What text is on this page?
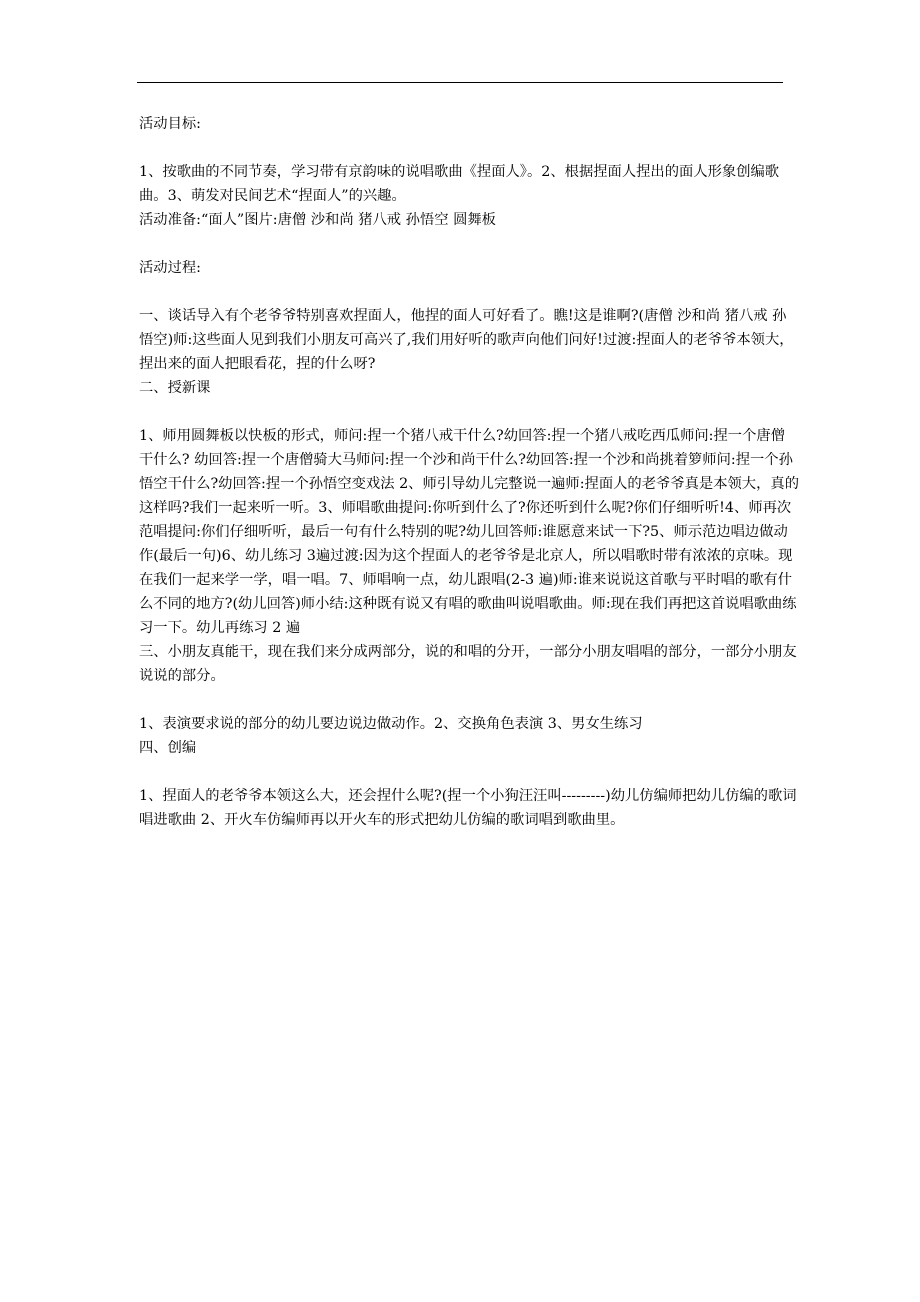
活动目标:

1、按歌曲的不同节奏，学习带有京韵味的说唱歌曲《捏面人》。2、根据捏面人捏出的面人形象创编歌曲。3、萌发对民间艺术“捏面人”的兴趣。

活动准备:“面人”图片:唐僧 沙和尚 猪八戒 孙悟空 圆舞板

活动过程:

一、谈话导入有个老爷爷特别喜欢捏面人，他捏的面人可好看了。瞧!这是谁啊?(唐僧 沙和尚 猪八戒 孙悟空)师:这些面人见到我们小朋友可高兴了,我们用好听的歌声向他们问好!过渡:捏面人的老爷爷本领大，捏出来的面人把眼看花，捏的什么呀?

二、授新课

1、师用圆舞板以快板的形式，师问:捏一个猪八戒干什么?幼回答:捏一个猪八戒吃西瓜师问:捏一个唐僧干什么? 幼回答:捏一个唐僧骑大马师问:捏一个沙和尚干什么?幼回答:捏一个沙和尚挑着箩师问:捏一个孙悟空干什么?幼回答:捏一个孙悟空变戏法 2、师引导幼儿完整说一遍师:捏面人的老爷爷真是本领大，真的这样吗?我们一起来听一听。3、师唱歌曲提问:你听到什么了?你还听到什么呢?你们仔细听听!4、师再次范唱提问:你们仔细听听，最后一句有什么特别的呢?幼儿回答师:谁愿意来试一下?5、师示范边唱边做动作(最后一句)6、幼儿练习 3遍过渡:因为这个捏面人的老爷爷是北京人，所以唱歌时带有浓浓的京味。现在我们一起来学一学，唱一唱。7、师唱响一点，幼儿跟唱(2-3 遍)师:谁来说说这首歌与平时唱的歌有什么不同的地方?(幼儿回答)师小结:这种既有说又有唱的歌曲叫说唱歌曲。师:现在我们再把这首说唱歌曲练习一下。幼儿再练习 2 遍

三、小朋友真能干，现在我们来分成两部分，说的和唱的分开，一部分小朋友唱唱的部分，一部分小朋友说说的部分。

1、表演要求说的部分的幼儿要边说边做动作。2、交换角色表演 3、男女生练习

四、创编

1、捏面人的老爷爷本领这么大，还会捏什么呢?(捏一个小狗汪汪叫---------)幼儿仿编师把幼儿仿编的歌词唱进歌曲 2、开火车仿编师再以开火车的形式把幼儿仿编的歌词唱到歌曲里。
